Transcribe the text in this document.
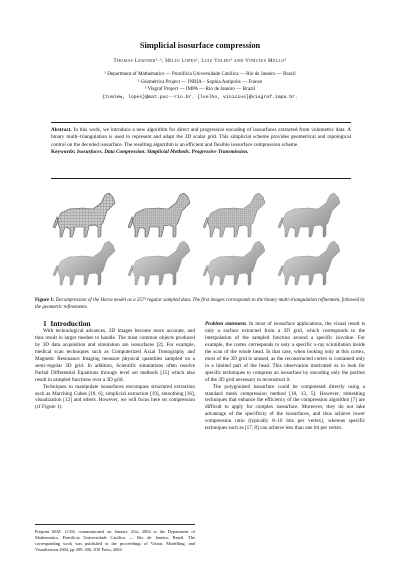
Simplicial isosurface compression
Thomas Lewiner¹·², Hélio Lopes¹, Luiz Velho³ and Vinícius Mello³
¹ Department of Mathematics — Pontifícia Universidade Católica — Rio de Janeiro — Brazil
² Géométrica Project — INRIA – Sophia Antipolis — France
³ Visgraf Project — IMPA — Rio de Janeiro — Brazil
{tomlew, lopes}@mat.puc--rio.br. {lvelho, vinicius}@visgraf.impa.br.
Abstract. In this work, we introduce a new algorithm for direct and progressive encoding of isosurfaces extracted from volumetric data. A binary multi–triangulation is used to represent and adapt the 3D scalar grid. This simplicial scheme provides geometrical and topological control on the decoded isosurface. The resulting algorithm is an efficient and flexible isosurface compression scheme.
Keywords: Isosurfaces. Data Compression. Simplicial Methods. Progressive Transmission.
Figure 1: Decompression of the Horse model as a 257³ regular sampled data. The first images corresponds to the binary multi-triangulation refinement, followed by the geometric refinements.

1 Introduction

With technological advances, 3D images become more accurate, and thus result in larger meshes to handle. The most common objects produced by 3D data acquisition and simulation are isosurfaces [2]. For example, medical scan techniques such as Computerized Axial Tomography and Magnetic Resonance Imaging measure physical quantities sampled on a semi–regular 3D grid. In addition, Scientific simulations often resolve Partial Differential Equations through level set methods [15] which also result in sampled functions over a 3D grid.

Techniques to manipulate isosurfaces encompass structured extraction such as Marching Cubes [10, 6], simplicial extraction [19], smoothing [16], visualization [12] and others. However, we will focus here on compression (cf Figure 1).

Problem statement. In most of isosurface applications, the visual result is only a surface extracted from a 3D grid, which corresponds to the interpolation of the sampled function around a specific isovalue. For example, the cortex corresponds to only a specific x-ray scintillation inside the scan of the whole head. In that case, when looking only at this cortex, most of the 3D grid is unused, as the reconstructed cortex is contained only in a limited part of the head. This observation motivated us to look for specific techniques to compress an isosurface by encoding only the portion of the 3D grid necessary to reconstruct it.

The polygonized isosurface could be compressed directly using a standard mesh compression method [18, 13, 5]. However, remeshing techniques that enhance the efficiency of the compression algorithm [7] are difficult to apply for complex isosurface. Moreover, they do not take advantage of the specificity of the isosurfaces, and thus achieve lower compression ratio (typically 8–16 bits per vertex), whereas specific techniques such as [17, 8] can achieve less than one bit per vertex.

Preprint MAT. 11/04, communicated on January 21st, 2004 to the Department of Mathematics, Pontifícia Universidade Católica — Rio de Janeiro, Brazil. The corresponding work was published in the proceedings of Vision, Modelling, and Visualization 2004, pp 299–306, IOS Press, 2004.
